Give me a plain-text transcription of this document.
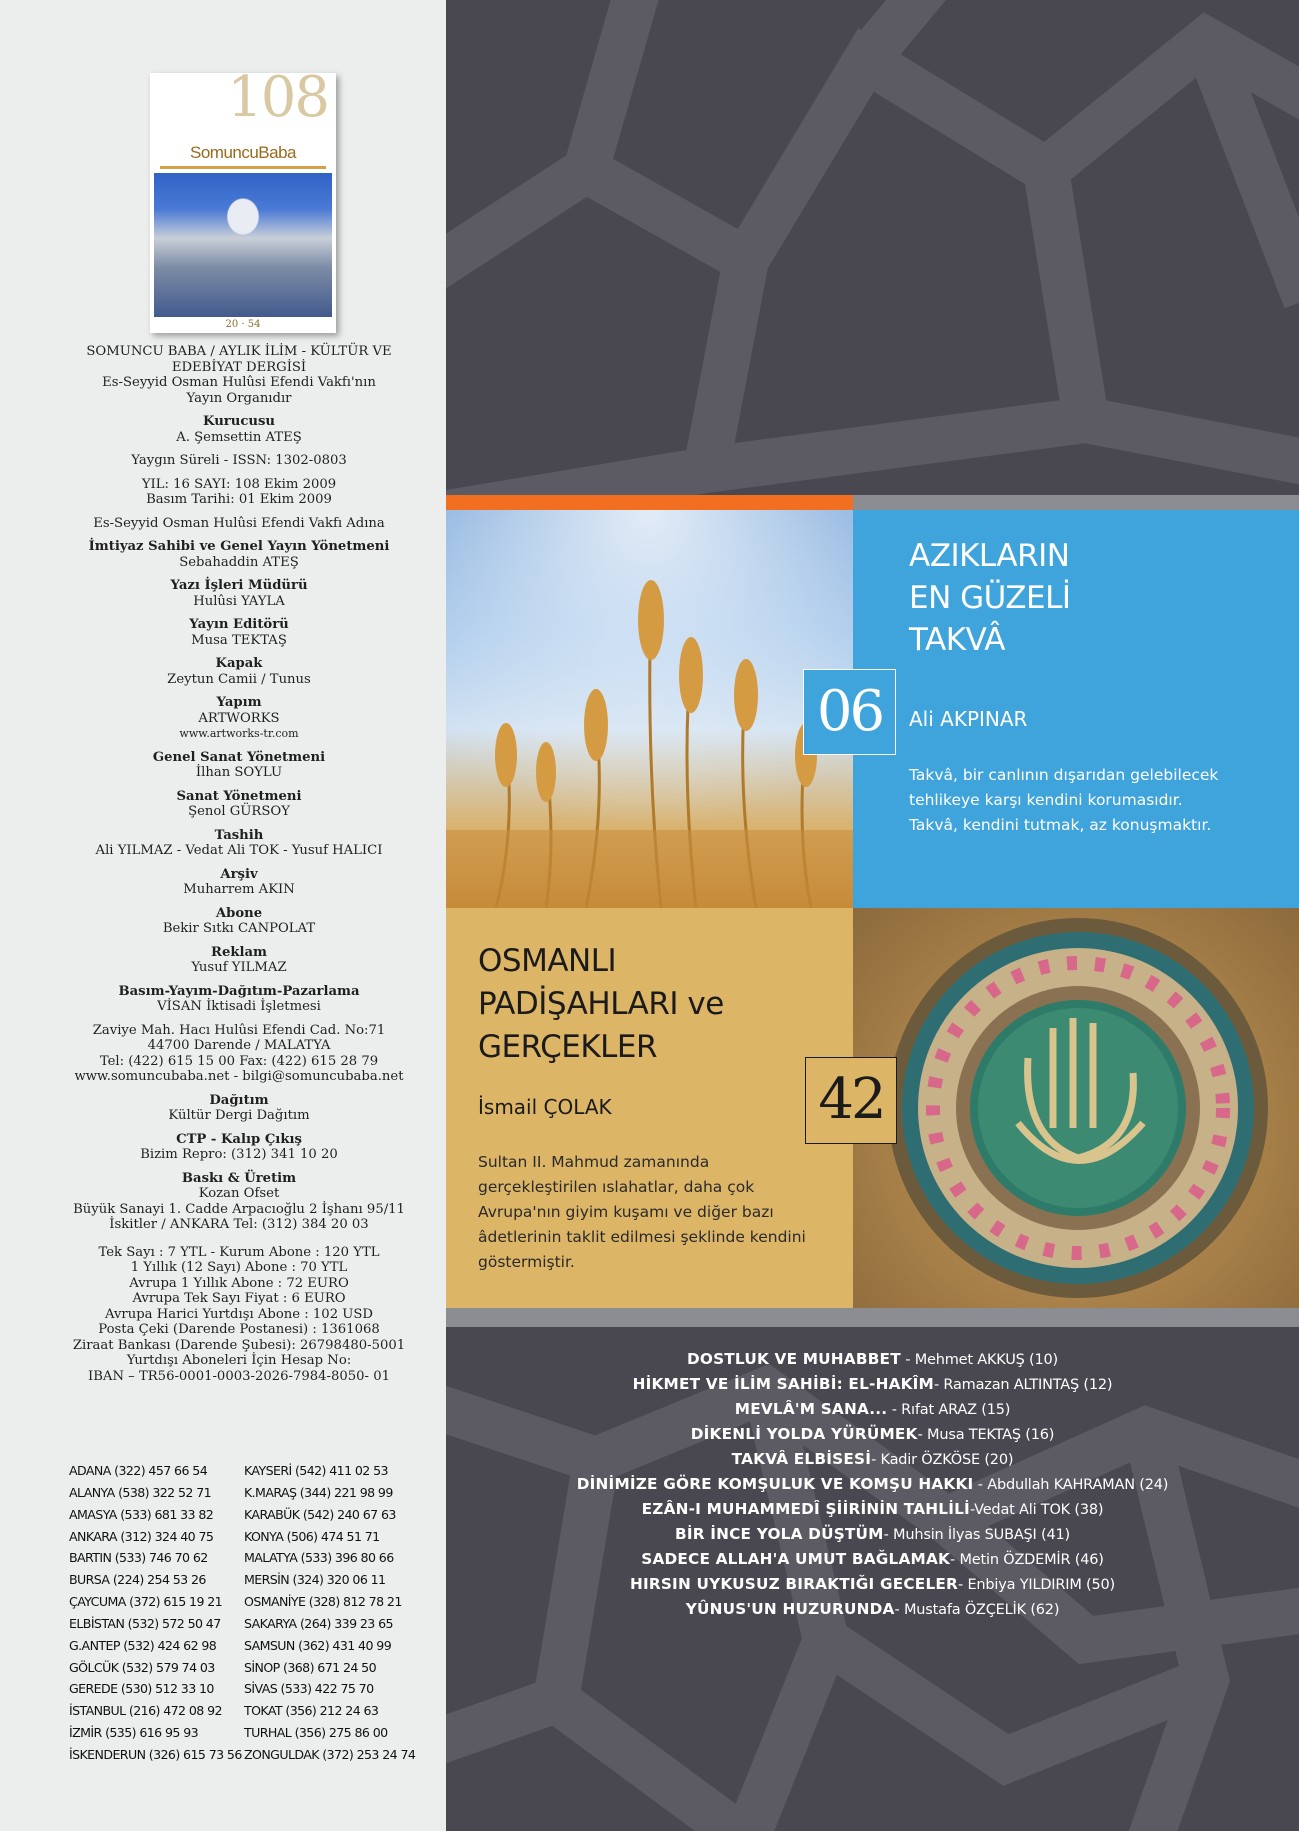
108
SomuncuBaba
20 · 54
SOMUNCU BABA / AYLIK İLİM - KÜLTÜR VE
EDEBİYAT DERGİSİ
Es-Seyyid Osman Hulûsi Efendi Vakfı'nın
Yayın Organıdır
Kurucusu
A. Şemsettin ATEŞ
Yaygın Süreli - ISSN: 1302-0803
YIL: 16 SAYI: 108 Ekim 2009
Basım Tarihi: 01 Ekim 2009
Es-Seyyid Osman Hulûsi Efendi Vakfı Adına
İmtiyaz Sahibi ve Genel Yayın Yönetmeni
Sebahaddin ATEŞ
Yazı İşleri Müdürü
Hulûsi YAYLA
Yayın Editörü
Musa TEKTAŞ
Kapak
Zeytun Camii / Tunus
Yapım
ARTWORKS
www.artworks-tr.com
Genel Sanat Yönetmeni
İlhan SOYLU
Sanat Yönetmeni
Şenol GÜRSOY
Tashih
Ali YILMAZ - Vedat Ali TOK - Yusuf HALICI
Arşiv
Muharrem AKIN
Abone
Bekir Sıtkı CANPOLAT
Reklam
Yusuf YILMAZ
Basım-Yayım-Dağıtım-Pazarlama
VİSAN İktisadi İşletmesi
Zaviye Mah. Hacı Hulûsi Efendi Cad. No:71
44700 Darende / MALATYA
Tel: (422) 615 15 00 Fax: (422) 615 28 79
www.somuncubaba.net - bilgi@somuncubaba.net
Dağıtım
Kültür Dergi Dağıtım
CTP - Kalıp Çıkış
Bizim Repro: (312) 341 10 20
Baskı & Üretim
Kozan Ofset
Büyük Sanayi 1. Cadde Arpacıoğlu 2 İşhanı 95/11
İskitler / ANKARA Tel: (312) 384 20 03
Tek Sayı : 7 YTL - Kurum Abone : 120 YTL
1 Yıllık (12 Sayı) Abone : 70 YTL
Avrupa 1 Yıllık Abone : 72 EURO
Avrupa Tek Sayı Fiyat : 6 EURO
Avrupa Harici Yurtdışı Abone : 102 USD
Posta Çeki (Darende Postanesi) : 1361068
Ziraat Bankası (Darende Şubesi): 26798480-5001
Yurtdışı Aboneleri İçin Hesap No:
IBAN – TR56-0001-0003-2026-7984-8050- 01
ADANA (322) 457 66 54	KAYSERİ (542) 411 02 53
ALANYA (538) 322 52 71	K.MARAŞ (344) 221 98 99
AMASYA (533) 681 33 82	KARABÜK (542) 240 67 63
ANKARA (312) 324 40 75	KONYA (506) 474 51 71
BARTIN (533) 746 70 62	MALATYA (533) 396 80 66
BURSA (224) 254 53 26	MERSİN (324) 320 06 11
ÇAYCUMA (372) 615 19 21	OSMANİYE (328) 812 78 21
ELBİSTAN (532) 572 50 47	SAKARYA (264) 339 23 65
G.ANTEP (532) 424 62 98	SAMSUN (362) 431 40 99
GÖLCÜK (532) 579 74 03	SİNOP (368) 671 24 50
GEREDE (530) 512 33 10	SİVAS (533) 422 75 70
İSTANBUL (216) 472 08 92	TOKAT (356) 212 24 63
İZMİR (535) 616 95 93	TURHAL (356) 275 86 00
İSKENDERUN (326) 615 73 56 ZONGULDAK (372) 253 24 74
AZIKLARIN
EN GÜZELİ
TAKVÂ
06	Ali AKPINAR
Takvâ, bir canlının dışarıdan gelebilecek
tehlikeye karşı kendini korumasıdır.
Takvâ, kendini tutmak, az konuşmaktır.
OSMANLI
PADİŞAHLARI ve
GERÇEKLER
42
İsmail ÇOLAK
Sultan II. Mahmud zamanında
gerçekleştirilen ıslahatlar, daha çok
Avrupa'nın giyim kuşamı ve diğer bazı
âdetlerinin taklit edilmesi şeklinde kendini
göstermiştir.
DOSTLUK VE MUHABBET - Mehmet AKKUŞ (10)
HİKMET VE İLİM SAHİBİ: EL-HAKÎM- Ramazan ALTINTAŞ (12)
MEVLÂ'M SANA... - Rıfat ARAZ (15)
DİKENLİ YOLDA YÜRÜMEK- Musa TEKTAŞ (16)
TAKVÂ ELBİSESİ- Kadir ÖZKÖSE (20)
DİNİMİZE GÖRE KOMŞULUK VE KOMŞU HAKKI - Abdullah KAHRAMAN (24)
EZÂN-I MUHAMMEDÎ ŞİİRİNİN TAHLİLİ-Vedat Ali TOK (38)
BİR İNCE YOLA DÜŞTÜM- Muhsin İlyas SUBAŞI (41)
SADECE ALLAH'A UMUT BAĞLAMAK- Metin ÖZDEMİR (46)
HIRSIN UYKUSUZ BIRAKTIĞI GECELER- Enbiya YILDIRIM (50)
YÛNUS'UN HUZURUNDA- Mustafa ÖZÇELİK (62)
